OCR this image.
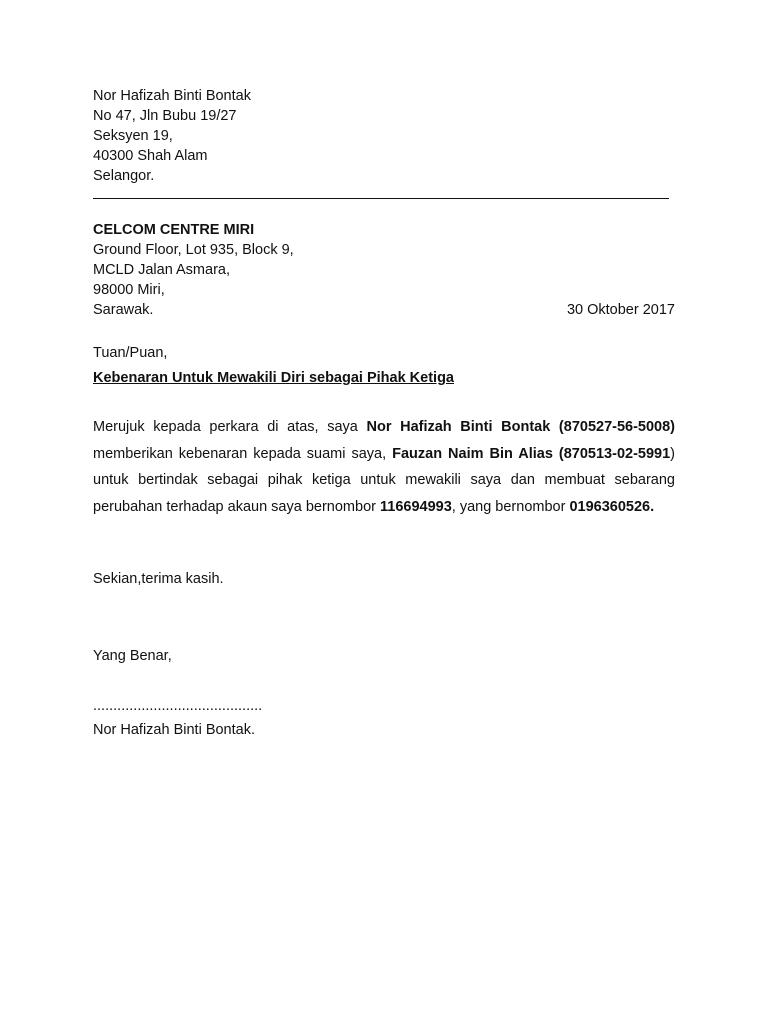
Nor Hafizah Binti Bontak
No 47, Jln Bubu 19/27
Seksyen 19,
40300 Shah Alam
Selangor.
CELCOM CENTRE MIRI
Ground Floor, Lot 935, Block 9,
MCLD Jalan Asmara,
98000 Miri,
Sarawak.	30 Oktober 2017
Tuan/Puan,
Kebenaran Untuk Mewakili Diri sebagai Pihak Ketiga
Merujuk kepada perkara di atas, saya Nor Hafizah Binti Bontak (870527-56-5008) memberikan kebenaran kepada suami saya, Fauzan Naim Bin Alias (870513-02-5991) untuk bertindak sebagai pihak ketiga untuk mewakili saya dan membuat sebarang perubahan terhadap akaun saya bernombor 116694993, yang bernombor 0196360526.
Sekian,terima kasih.
Yang Benar,
..........................................
Nor Hafizah Binti Bontak.
